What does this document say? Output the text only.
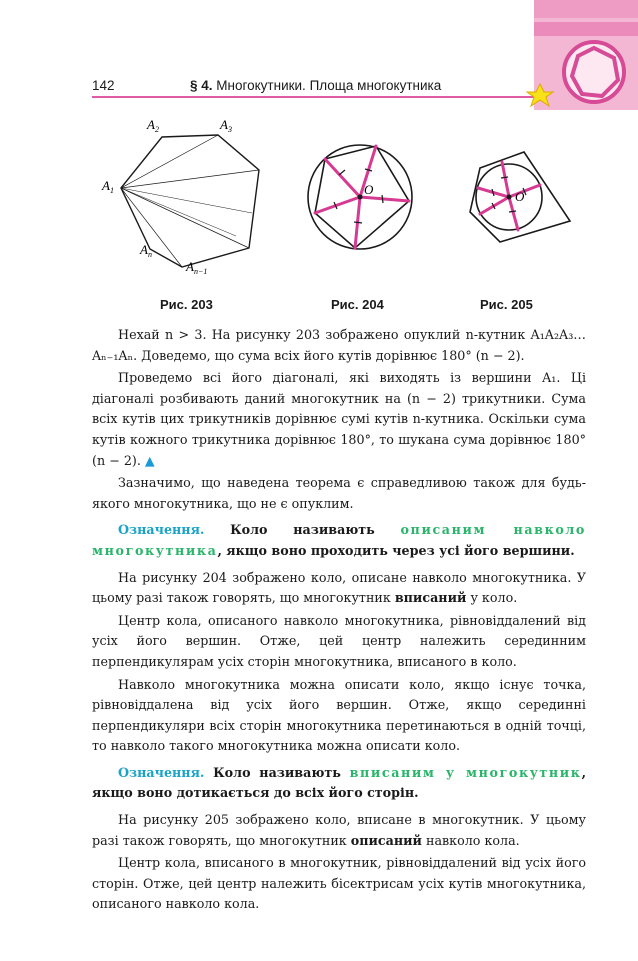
142	§ 4. Многокутники. Площа многокутника
$A_2$	$A_3$
$A_1$
$A_n$
$A_{n-1}$
O	O
Рис. 203	Рис. 204	Рис. 205

Нехай n > 3. На рисунку 203 зображено опуклий n-кутник A₁A₂A₃…Aₙ₋₁Aₙ. Доведемо, що сума всіх його кутів дорівнює 180° (n − 2).

Проведемо всі його діагоналі, які виходять із вершини A₁. Ці діагоналі розбивають даний многокутник на (n − 2) трикутники. Сума всіх кутів цих трикутників дорівнює сумі кутів n-кутника. Оскільки сума кутів кожного трикутника дорівнює 180°, то шукана сума дорівнює 180° (n − 2). ▲

Зазначимо, що наведена теорема є справедливою також для будь-якого многокутника, що не є опуклим.

Означення. Коло називають описаним навколо многокутника, якщо воно проходить через усі його вершини.

На рисунку 204 зображено коло, описане навколо многокутника. У цьому разі також говорять, що многокутник вписаний у коло.

Центр кола, описаного навколо многокутника, рівновіддалений від усіх його вершин. Отже, цей центр належить серединним перпендикулярам усіх сторін многокутника, вписаного в коло.

Навколо многокутника можна описати коло, якщо існує точка, рівновіддалена від усіх його вершин. Отже, якщо серединні перпендикуляри всіх сторін многокутника перетинаються в одній точці, то навколо такого многокутника можна описати коло.

Означення. Коло називають вписаним у многокутник, якщо воно дотикається до всіх його сторін.

На рисунку 205 зображено коло, вписане в многокутник. У цьому разі також говорять, що многокутник описаний навколо кола.

Центр кола, вписаного в многокутник, рівновіддалений від усіх його сторін. Отже, цей центр належить бісектрисам усіх кутів многокутника, описаного навколо кола.
